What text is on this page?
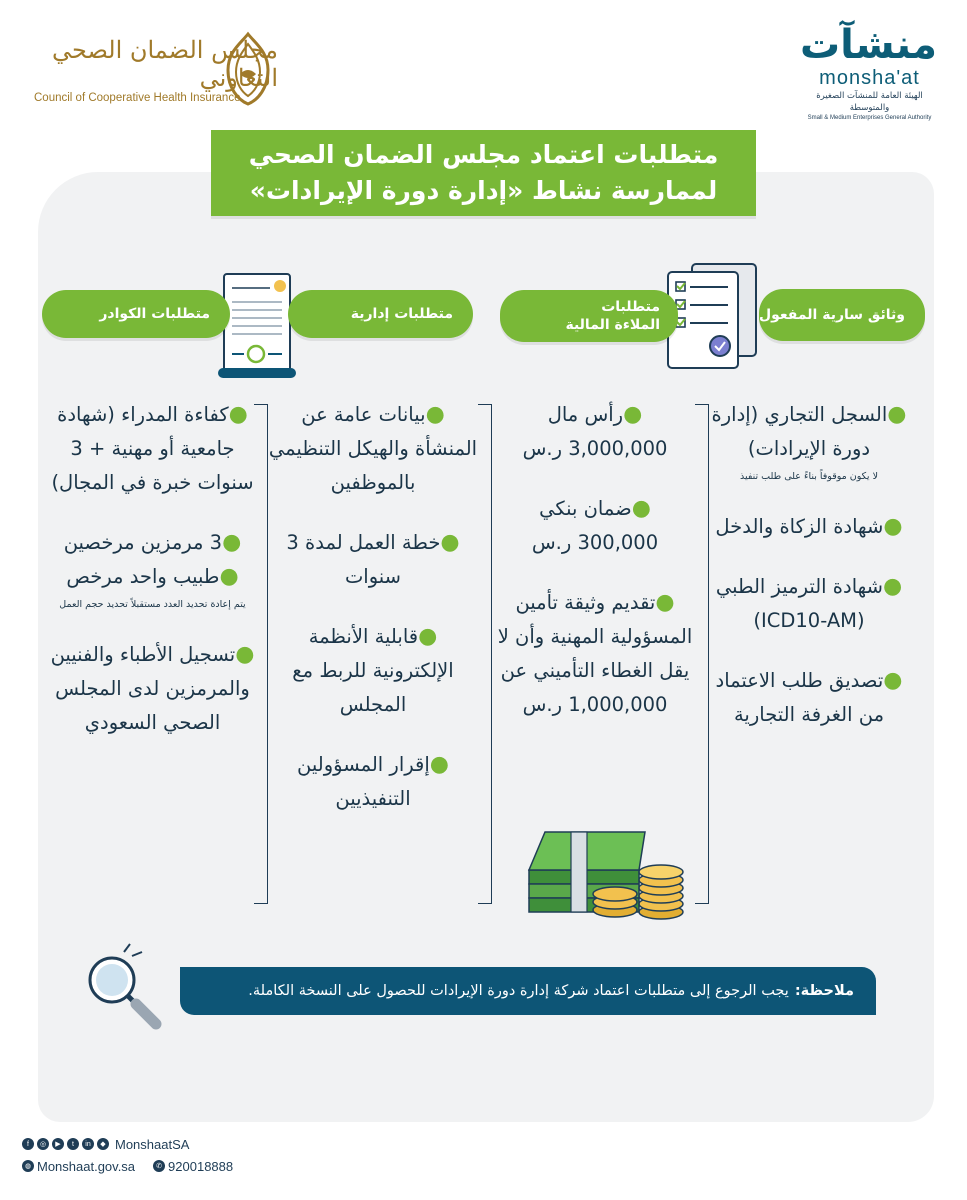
منشآت
monsha'at
الهيئة العامة للمنشآت الصغيرة والمتوسطة
Small & Medium Enterprises General Authority
مجلس الضمان الصحي التعاوني
Council of Cooperative Health Insurance
متطلبات اعتماد مجلس الضمان الصحي
لممارسة نشاط «إدارة دورة الإيرادات»
وثائق سارية المفعول
متطلبات
الملاءة المالية
متطلبات إدارية
متطلبات الكوادر
●السجل التجاري (إدارة دورة الإيرادات)
لا يكون موقوفاً بناءً على طلب تنفيذ
●شهادة الزكاة والدخل
●شهادة الترميز الطبي (ICD10-AM)
●تصديق طلب الاعتماد من الغرفة التجارية
●رأس مال
3,000,000 ر.س
●ضمان بنكي
300,000 ر.س
●تقديم وثيقة تأمين المسؤولية المهنية وأن لا يقل الغطاء التأميني عن
1,000,000 ر.س
●بيانات عامة عن المنشأة والهيكل التنظيمي بالموظفين
●خطة العمل لمدة 3 سنوات
●قابلية الأنظمة الإلكترونية للربط مع المجلس
●إقرار المسؤولين التنفيذيين
●كفاءة المدراء (شهادة جامعية أو مهنية + 3 سنوات خبرة في المجال)
●3 مرمزين مرخصين
●طبيب واحد مرخص
يتم إعادة تحديد العدد مستقبلاً تحديد حجم العمل
●تسجيل الأطباء والفنيين والمرمزين لدى المجلس الصحي السعودي
ملاحظة:
يجب الرجوع إلى متطلبات اعتماد شركة إدارة دورة الإيرادات للحصول على النسخة الكاملة.
f	◎	▶	t	in	◆ MonshaatSA
◍ Monshaat.gov.sa	✆ 920018888
